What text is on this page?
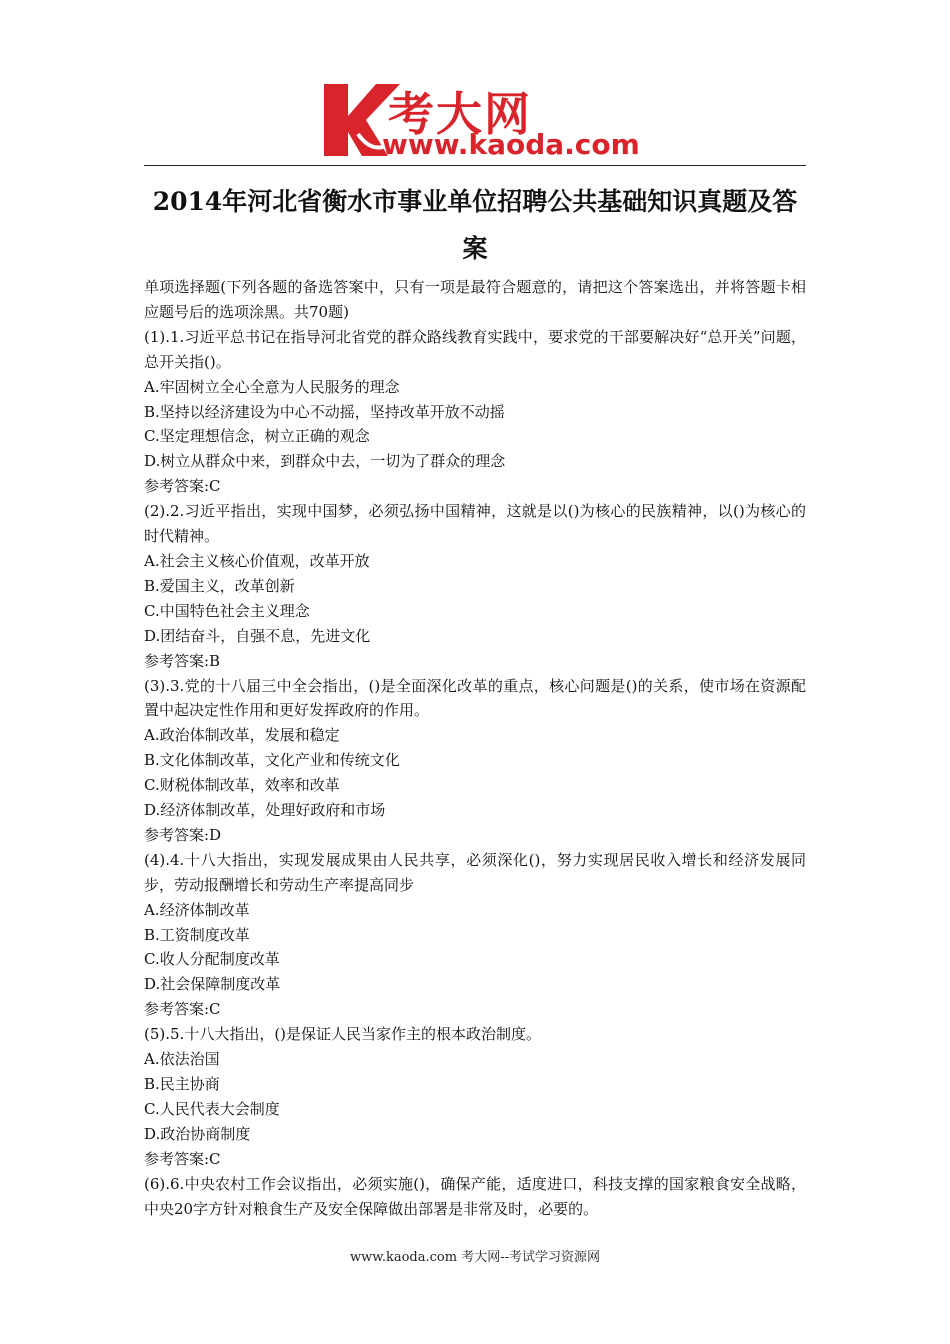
考大网
www.kaoda.com
2014年河北省衡水市事业单位招聘公共基础知识真题及答案

单项选择题(下列各题的备选答案中，只有一项是最符合题意的，请把这个答案选出，并将答题卡相应题号后的选项涂黑。共70题)

(1).1.习近平总书记在指导河北省党的群众路线教育实践中，要求党的干部要解决好“总开关”问题，总开关指()。

A.牢固树立全心全意为人民服务的理念

B.坚持以经济建设为中心不动摇，坚持改革开放不动摇

C.坚定理想信念，树立正确的观念

D.树立从群众中来，到群众中去，一切为了群众的理念

参考答案:C

(2).2.习近平指出，实现中国梦，必须弘扬中国精神，这就是以()为核心的民族精神，以()为核心的时代精神。

A.社会主义核心价值观，改革开放

B.爱国主义，改革创新

C.中国特色社会主义理念

D.团结奋斗，自强不息，先进文化

参考答案:B

(3).3.党的十八届三中全会指出，()是全面深化改革的重点，核心问题是()的关系，使市场在资源配置中起决定性作用和更好发挥政府的作用。

A.政治体制改革，发展和稳定

B.文化体制改革，文化产业和传统文化

C.财税体制改革，效率和改革

D.经济体制改革，处理好政府和市场

参考答案:D

(4).4.十八大指出，实现发展成果由人民共享，必须深化()，努力实现居民收入增长和经济发展同步，劳动报酬增长和劳动生产率提高同步

A.经济体制改革

B.工资制度改革

C.收人分配制度改革

D.社会保障制度改革

参考答案:C

(5).5.十八大指出，()是保证人民当家作主的根本政治制度。

A.依法治国

B.民主协商

C.人民代表大会制度

D.政治协商制度

参考答案:C

(6).6.中央农村工作会议指出，必须实施()，确保产能，适度进口，科技支撑的国家粮食安全战略，中央20字方针对粮食生产及安全保障做出部署是非常及时，必要的。

www.kaoda.com 考大网--考试学习资源网
